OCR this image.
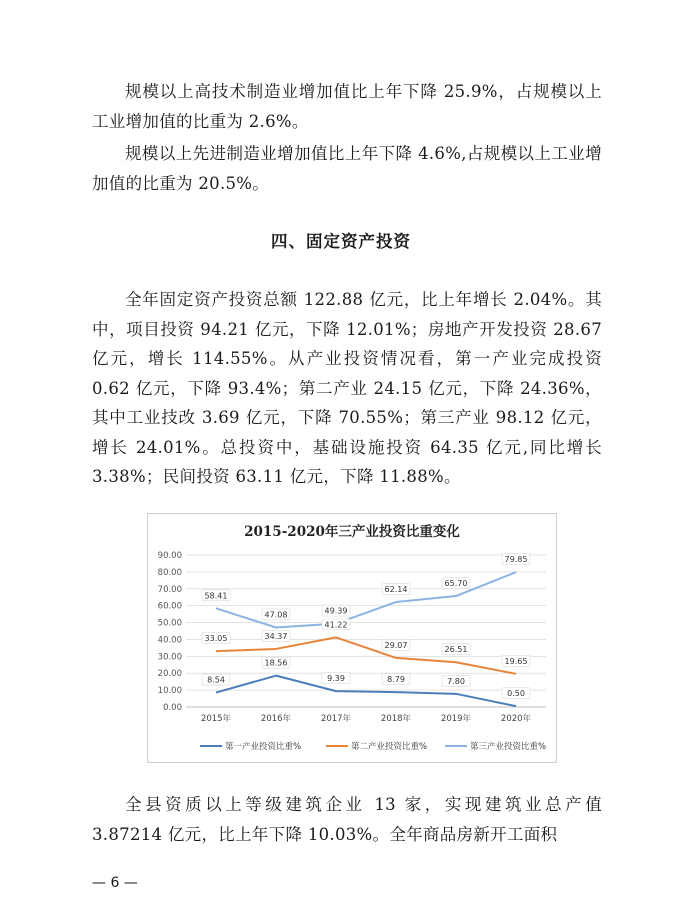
规模以上高技术制造业增加值比上年下降 25.9%，占规模以上工业增加值的比重为 2.6%。

规模以上先进制造业增加值比上年下降 4.6%,占规模以上工业增加值的比重为 20.5%。

四、固定资产投资

全年固定资产投资总额 122.88 亿元，比上年增长 2.04%。其中，项目投资 94.21 亿元，下降 12.01%；房地产开发投资 28.67 亿元，增长 114.55%。从产业投资情况看，第一产业完成投资 0.62 亿元，下降 93.4%；第二产业 24.15 亿元，下降 24.36%，其中工业技改 3.69 亿元，下降 70.55%；第三产业 98.12 亿元，增长 24.01%。总投资中，基础设施投资 64.35 亿元,同比增长 3.38%；民间投资 63.11 亿元，下降 11.88%。

2015-2020年三产业投资比重变化
0.00
10.00
20.00
30.00
40.00
50.00
60.00
70.00
80.00
90.00
2015年	2016年	2017年	2018年	2019年	2020年
8.54
18.56
9.39	8.79	7.80
0.50
33.05	34.37
41.22
29.07	26.51
19.65
58.41
47.08	49.39
62.14
65.70
79.85
第一产业投资比重%	第二产业投资比重%	第三产业投资比重%

全县资质以上等级建筑企业 13 家，实现建筑业总产值 3.87214 亿元，比上年下降 10.03%。全年商品房新开工面积

— 6 —
